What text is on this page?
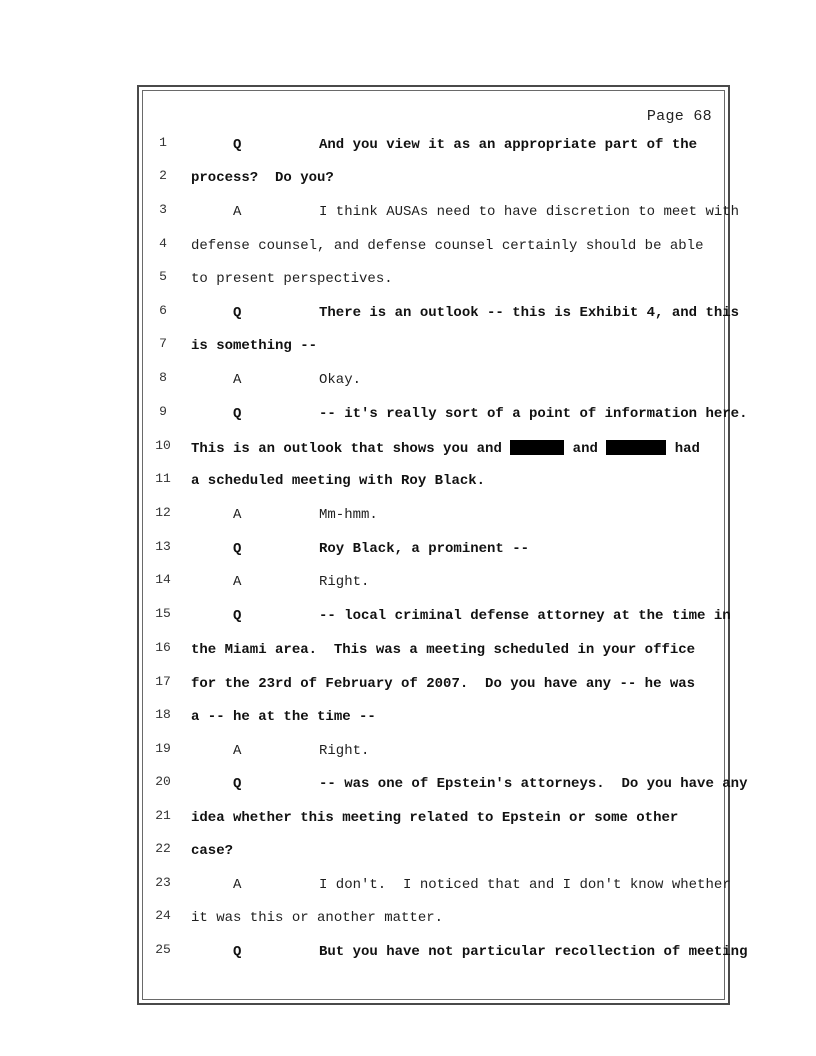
Page 68
1	Q	And you view it as an appropriate part of the
2	process?  Do you?
3	A	I think AUSAs need to have discretion to meet with
4	defense counsel, and defense counsel certainly should be able
5	to present perspectives.
6	Q	There is an outlook -- this is Exhibit 4, and this
7	is something --
8	A	Okay.
9	Q	-- it's really sort of a point of information here.
10	This is an outlook that shows you and	and	had
11	a scheduled meeting with Roy Black.
12	A	Mm-hmm.
13	Q	Roy Black, a prominent --
14	A	Right.
15	Q	-- local criminal defense attorney at the time in
16	the Miami area.  This was a meeting scheduled in your office
17	for the 23rd of February of 2007.  Do you have any -- he was
18	a -- he at the time --
19	A	Right.
20	Q	-- was one of Epstein's attorneys.  Do you have any
21	idea whether this meeting related to Epstein or some other
22	case?
23	A	I don't.  I noticed that and I don't know whether
24	it was this or another matter.
25	Q	But you have not particular recollection of meeting
